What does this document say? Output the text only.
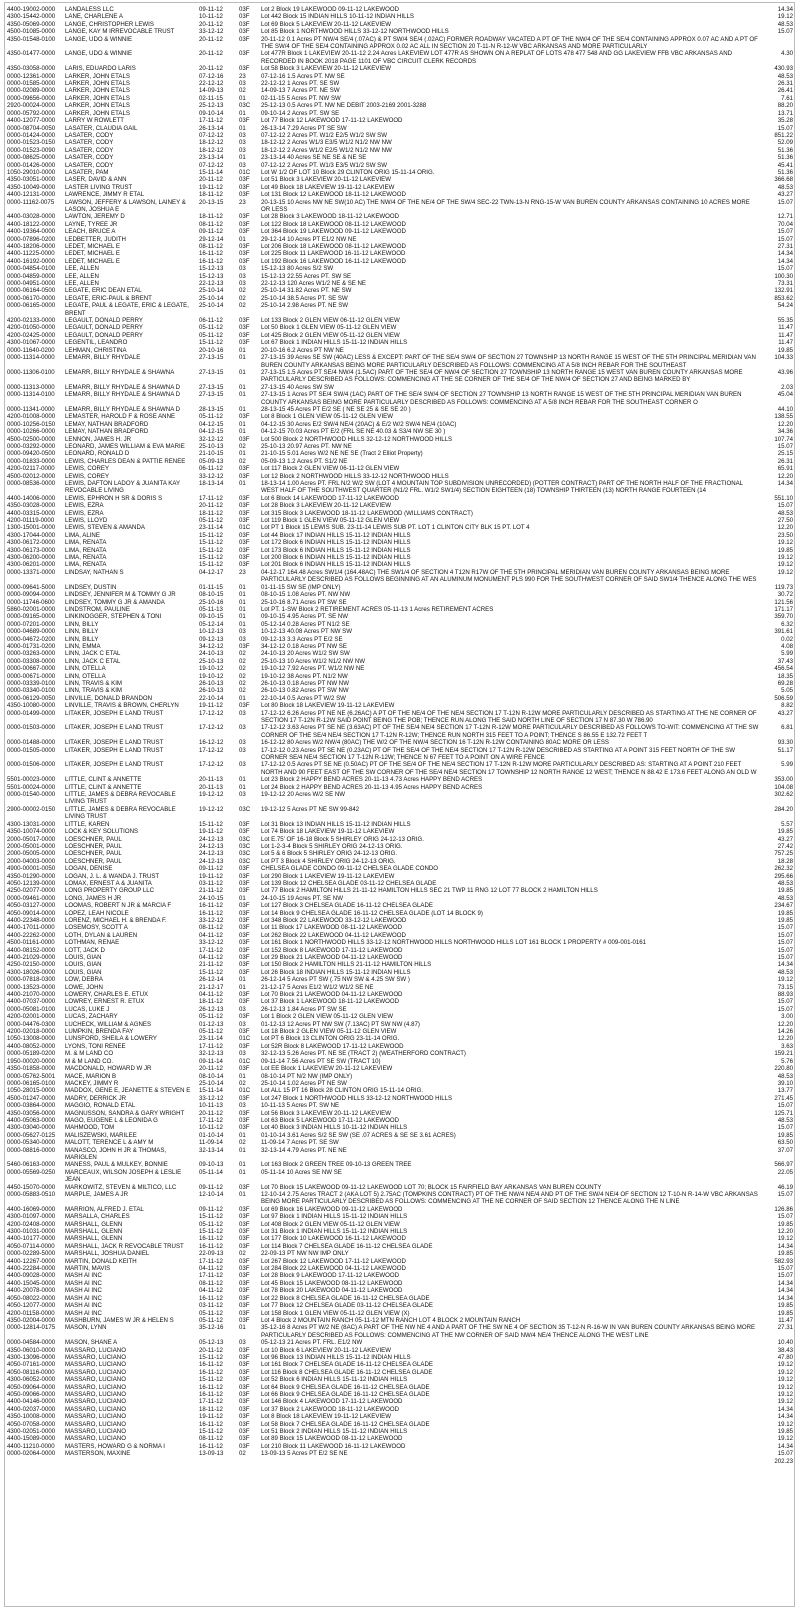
4400-19002-0000	LANDALESS LLC	09-11-12	03F	Lot 2 Block 19 LAKEWOOD 09-11-12 LAKEWOOD	14.34
4300-15442-0000	LANE, CHARLENE A	10-11-12	03F	Lot 442 Block 15 INDIAN HILLS 10-11-12 INDIAN HILLS	19.12
4350-05069-0000	LANGE, CHRISTOPHER LEWIS	20-11-12	03F	Lot 69 Block 5 LAKEVIEW 20-11-12 LAKEVIEW	48.53
4500-01085-0000	LANGE, KAY M IRREVOCABLE TRUST	33-12-12	03F	Lot 85 Block 1 NORTHWOOD HILLS 33-12-12 NORTHWOOD HILLS	15.07
4350-01548-0100	LANGE, UDO & WINNIE	20-11-12	03F	20-11-12 0.1 Acres PT NW/4 SE/4 (.07AC) & PT SW/4 SE/4 (.02AC) FORMER ROADWAY VACATED A PT OF THE NW/4 OF THE SE/4 CONTAINING APPROX 0.07 AC AND A PT OF THE SW/4 OF THE SE/4 CONTAINING APPROX 0.02 AC ALL IN SECTION 20 T-11-N R-12-W VBC ARKANSAS AND MORE PARTICULARLY	
4350-01477-0000	LANGE, UDO & WINNIE	20-11-12	03F	Lot 477R Block 1 LAKEVIEW 20-11-12 2.24 Acres LAKEVIEW LOT 477R AS SHOWN ON A REPLAT OF LOTS 478 477 548 AND GG LAKEVIEW FFB VBC ARKANSAS AND RECORDED IN BOOK 2018 PAGE 1101 OF VBC CIRCUIT CLERK RECORDS	4.30
4350-03058-0000	LARIS, EDUARDO LARIS	20-11-12	03F	Lot 58 Block 3 LAKEVIEW 20-11-12 LAKEVIEW	430.93
0000-12361-0000	LARKER, JOHN ETALS	07-12-16	23	07-12-16 1.5 Acres PT. NW SE	48.53
0000-01585-0000	LARKER, JOHN ETALS	22-12-12	03	22-12-12 1 Acres PT. SE SW	26.31
0000-02089-0000	LARKER, JOHN ETALS	14-09-13	02	14-09-13 7 Acres PT. NE SW	26.41
0000-09656-0000	LARKER, JOHN ETALS	02-11-15	01	02-11-15 5 Acres PT. NW SW	7.61
2920-00024-0000	LARKER, JOHN ETALS	25-12-13	03C	25-12-13 0.5 Acres PT. NW NE DEBIT 2003-2169 2001-3288	88.20
0000-05792-0000	LARKER, JOHN ETALS	09-10-14	01	09-10-14 2 Acres PT. SW SE	13.71
4400-12077-0000	LARRY W ROWLETT	17-11-12	03F	Lot 77 Block 12 LAKEWOOD 17-11-12 LAKEWOOD	35.28
0000-08704-0050	LASATER, CLAUDIA GAIL	26-13-14	01	26-13-14 7.29 Acres PT SE SW	15.07
0000-01424-0000	LASATER, CODY	07-12-12	03	07-12-12 2 Acres PT. W1/2 E2/5 W1/2 SW SW	851.22
0000-01523-0150	LASATER, CODY	18-12-12	03	18-12-12 2 Acres W1/3 E3/5 W1/2 N1/2 NW NW	52.09
0000-01523-0090	LASATER, CODY	18-12-12	03	18-12-12 2 Acres W1/2 E2/5 W1/2 N1/2 NW NW	51.36
0000-08625-0000	LASATER, CODY	23-13-14	01	23-13-14 40 Acres SE NE SE & NE SE	51.36
0000-01426-0000	LASATER, CODY	07-12-12	03	07-12-12 2 Acres PT. W1/3 E3/5 W1/2 SW SW	45.41
1050-29010-0000	LASATER, PAM	15-11-14	01C	Lot W 1/2 OF LOT 10 Block 29 CLINTON ORIG 15-11-14 ORIG.	51.36
4350-03051-0000	LASER, DAVID & ANN	20-11-12	03F	Lot 51 Block 3 LAKEVIEW 20-11-12 LAKEVIEW	366.68
4350-10049-0000	LASTER LIVING TRUST	19-11-12	03F	Lot 49 Block 18 LAKEVIEW 19-11-12 LAKEVIEW	48.53
4400-12131-0000	LAWRENCE, JIMMY R ETAL	18-11-12	03F	Lot 131 Block 12 LAKEWOOD 18-11-12 LAKEWOOD	43.27
0000-11162-0075	LAWSON, JEFFERY & LAWSON, LAINEY & LASON, JOSHUA E	20-13-15	23	20-13-15 10 Acres NW NE SW(10 AC) THE NW/4 OF THE NE/4 OF THE SW/4 SEC-22 TWN-13-N RNG-15-W VAN BUREN COUNTY ARKANSAS CONTAINING 10 ACRES MORE OR LESS	15.07
4400-03028-0000	LAWTON, JEREMY D	18-11-12	03F	Lot 28 Block 3 LAKEWOOD 18-11-12 LAKEWOOD	12.71
4400-18122-0000	LAYNE, TYREE JR	08-11-12	03F	Lot 122 Block 18 LAKEWOOD 08-11-12 LAKEWOOD	70.04
4400-19364-0000	LEACH, BRUCE A	09-11-12	03F	Lot 364 Block 19 LAKEWOOD 09-11-12 LAKEWOOD	15.07
0000-07896-0200	LEDBETTER, JUDITH	29-12-14	01	29-12-14 10 Acres PT E1/2 NW NE	15.07
4400-18206-0000	LEDET, MICHAEL E	08-11-12	03F	Lot 206 Block 18 LAKEWOOD 08-11-12 LAKEWOOD	27.31
4400-11225-0000	LEDET, MICHAEL E	16-11-12	03F	Lot 225 Block 11 LAKEWOOD 16-11-12 LAKEWOOD	14.34
4400-16192-0000	LEDET, MICHAEL E	16-11-12	03F	Lot 192 Block 16 LAKEWOOD 16-11-12 LAKEWOOD	14.34
0000-04854-0100	LEE, ALLEN	15-12-13	03	15-12-13 80 Acres S/2 SW	15.07
0000-04859-0000	LEE, ALLEN	15-12-13	03	15-12-13 22.55 Acres PT. SW SE	100.30
0000-04951-0000	LEE, ALLEN	22-12-13	03	22-12-13 120 Acres W1/2 NE & SE NE	73.31
0000-06164-0500	LEGATE, ERIC DEAN ETAL	25-10-14	02	25-10-14 31.82 Acres PT. NE SW	132.91
0000-06170-0000	LEGATE, ERIC-PAUL & BRENT	25-10-14	02	25-10-14 38.5 Acres PT. SE SW	853.62
0000-06165-0000	LEGATE, PAUL & LEGATE, ERIC & LEGATE, BRENT	25-10-14	02	25-10-14 2.98 Acres PT. NE SW	54.24
4200-02133-0000	LEGAULT, DONALD PERRY	06-11-12	03F	Lot 133 Block 2 GLEN VIEW 06-11-12 GLEN VIEW	55.35
4200-01050-0000	LEGAULT, DONALD PERRY	05-11-12	03F	Lot 50 Block 1 GLEN VIEW 05-11-12 GLEN VIEW	11.47
4200-02425-0000	LEGAULT, DONALD PERRY	05-11-12	03F	Lot 425 Block 2 GLEN VIEW 05-11-12 GLEN VIEW	11.47
4300-01067-0000	LEGENTIL, LEANDRO	15-11-12	03F	Lot 67 Block 1 INDIAN HILLS 15-11-12 INDIAN HILLS	11.47
0000-11640-0200	LEHMAN, CHRISTINA	20-10-16	01	20-10-16 6.2 Acres PT NW NE	19.85
0000-11314-0000	LEMARR, BILLY RHYDALE	27-13-15	01	27-13-15 39 Acres SE SW (40AC) LESS & EXCEPT: PART OF THE SE/4 SW/4 OF SECTION 27 TOWNSHIP 13 NORTH RANGE 15 WEST OF THE 5TH PRINCIPAL MERIDIAN VAN BUREN COUNTY ARKANSAS BEING MORE PARTICULARLY DESCRIBED AS FOLLOWS: COMMENCING AT A 5/8 INCH REBAR FOR THE SOUTHEAST	104.33
0000-11306-0100	LEMARR, BILLY RHYDALE & SHAWNA	27-13-15	01	27-13-15 1.5 Acres PT SE/4 NW/4 (1.5AC) PART OF THE SE/4 OF NW/4 OF SECTION 27 TOWNSHIP 13 NORTH RANGE 15 WEST VAN BUREN COUNTY ARKANSAS MORE PARTICULARLY DESCRIBED AS FOLLOWS: COMMENCING AT THE SE CORNER OF THE SE/4 OF THE NW/4 OF SECTION 27 AND BEING MARKED BY	43.96
0000-11313-0000	LEMARR, BILLY RHYDALE & SHAWNA D	27-13-15	01	27-13-15 40 Acres SW SW	2.03
0000-11314-0100	LEMARR, BILLY RHYDALE & SHAWNA D	27-13-15	01	27-13-15 1 Acres PT SE/4 SW/4 (1AC) PART OF THE SE/4 SW/4 OF SECTION 27 TOWNSHIP 13 NORTH RANGE 15 WEST OF THE 5TH PRINCIPAL MERIDIAN VAN BUREN COUNTY ARKANSAS BEING MORE PARTICULARLY DESCRIBED AS FOLLOWS: COMMENCING AT A 5/8 INCH REBAR FOR THE SOUTHEAST CORNER O	45.04
0000-11341-0000	LEMARR, BILLY RHYDALE & SHAWNA D	28-13-15	01	28-13-15 45 Acres PT E/2 SE ( NE SE 25 & SE SE 20 )	44.10
4200-01008-0000	LEMASTER, HAROLD F & ROSE ANNE	05-11-12	03F	Lot 8 Block 1 GLEN VIEW 05-11-12 GLEN VIEW	138.55
0000-10256-0150	LEMAY, NATHAN BRADFORD	04-12-15	01	04-12-15 30 Acres E/2 SW/4 NE/4 (20AC) & E/2 W/2 SW/4 NE/4 (10AC)	12.20
0000-10266-0000	LEMAY, NATHAN BRADFORD	04-12-15	01	04-12-15 70.03 Acres PT E/2 (FRL SE NE 40.03 & S3/4 NW SE 30 )	34.36
4500-02500-0000	LENNON, JAMES H. JR	32-12-12	03F	Lot 500 Block 2 NORTHWOOD HILLS 32-12-12 NORTHWOOD HILLS	107.74
0000-03292-0000	LEONARD, JAMES WILLIAM & EVA MARIE	25-10-13	02	25-10-13 20.97 Acres PT. NW NE	15.07
0000-09420-0500	LEONARD, RONALD D	21-10-15	01	21-10-15 5.01 Acres W/2 NE NE SE (Tract 2 Elliot Property)	25.15
0000-01833-0000	LEWIS, CHARLES DEAN & PATTIE RENEE	05-09-13	02	05-09-13 1.2 Acres PT. S1/2 NE	26.31
4200-02117-0000	LEWIS, COREY	06-11-12	03F	Lot 117 Block 2 GLEN VIEW 06-11-12 GLEN VIEW	65.91
4500-02012-0000	LEWIS, COREY	33-12-12	03F	Lot 12 Block 2 NORTHWOOD HILLS 33-12-12 NORTHWOOD HILLS	12.20
0000-08536-0000	LEWIS, DAFTON LADOY & JUANITA KAY REVOCABLE LIVING	18-13-14	01	18-13-14 1.00 Acres PT. FRL N/2 W/2 SW (LOT 4 MOUNTAIN TOP SUBDIVISION UNRECORDED) (POTTER CONTRACT) PART OF THE NORTH HALF OF THE FRACTIONAL WEST HALF OF THE SOUTHWEST QUARTER (N1/2 FRL. W1/2 SW1/4) SECTION EIGHTEEN (18) TOWNSHIP THIRTEEN (13) NORTH RANGE FOURTEEN (14	14.34
4400-14006-0000	LEWIS, EPHRON H SR & DORIS S	17-11-12	03F	Lot 6 Block 14 LAKEWOOD 17-11-12 LAKEWOOD	551.10
4350-03028-0000	LEWIS, EZRA	20-11-12	03F	Lot 28 Block 3 LAKEVIEW 20-11-12 LAKEVIEW	15.07
4400-03315-0000	LEWIS, EZRA	18-11-12	03F	Lot 315 Block 3 LAKEWOOD 18-11-12 LAKEWOOD (WILLIAMS CONTRACT)	48.53
4200-01119-0000	LEWIS, LLOYD	05-11-12	03F	Lot 119 Block 1 GLEN VIEW 05-11-12 GLEN VIEW	27.50
1300-15001-0000	LEWIS, STEVEN & AMANDA	23-11-14	01C	Lot PT 1 Block 15 LEWIS SUB. 23-11-14 LEWIS SUB PT. LOT 1 CLINTON CITY BLK 15 PT. LOT 4	12.20
4300-17044-0000	LIMA, ALINE	15-11-12	03F	Lot 44 Block 17 INDIAN HILLS 15-11-12 INDIAN HILLS	23.50
4300-06172-0000	LIMA, RENATA	15-11-12	03F	Lot 172 Block 6 INDIAN HILLS 15-11-12 INDIAN HILLS	19.12
4300-06173-0000	LIMA, RENATA	15-11-12	03F	Lot 173 Block 6 INDIAN HILLS 15-11-12 INDIAN HILLS	19.85
4300-06200-0000	LIMA, RENATA	15-11-12	03F	Lot 200 Block 6 INDIAN HILLS 15-11-12 INDIAN HILLS	19.12
4300-06201-0000	LIMA, RENATA	15-11-12	03F	Lot 201 Block 6 INDIAN HILLS 15-11-12 INDIAN HILLS	19.12
0000-13371-0000	LINDSAY, NATHAN S	04-12-17	23	04-12-17 164.48 Acres SW1/4 (164.48AC) THE SW1/4 OF SECTION 4 T12N R17W OF THE 5TH PRINCIPAL MERIDIAN VAN BUREN COUNTY ARKANSAS BEING MORE PARTICULARLY DESCRIBED AS FOLLOWS BEGINNING AT AN ALUMINUM MONUMENT PLS 990 FOR THE SOUTHWEST CORNER OF SAID SW1/4 THENCE ALONG THE WES	19.12
0000-09641-5000	LINDSEY, DUSTIN	01-11-15	01	01-11-15 SW SE (IMP ONLY)	119.73
0000-09094-0000	LINDSEY, JENNIFER M & TOMMY G JR	08-10-15	01	08-10-15 1.08 Acres PT. NW NW	30.72
0000-11746-0600	LINDSEY, TOMMY G JR & AMANDA	25-10-16	01	25-10-16 8.71 Acres PT SW SE	121.56
5860-02001-0000	LINDSTROM, PAULINE	05-11-13	01	Lot PT. 1-SW Block 2 RETIREMENT ACRES 05-11-13 1 Acres RETIREMENT ACRES	171.17
0000-09165-0000	LINKINOGGER, STEPHEN & TONI	09-10-15	01	09-10-15 4.95 Acres PT. SE NW	359.70
0000-07201-0000	LINN, BILLY	05-12-14	01	05-12-14 0.28 Acres PT N1/2 SE	6.32
0000-04689-0000	LINN, BILLY	10-12-13	03	10-12-13 40.08 Acres PT NW SW	391.61
0000-04672-0200	LINN, BILLY	09-12-13	03	09-12-13 3.3 Acres PT E/2 SE	0.02
4000-01731-0200	LINN, EMMA	34-12-12	03F	34-12-12 0.18 Acres PT NW SE	4.08
0000-03263-0000	LINN, JACK C ETAL	24-10-13	02	24-10-13 20 Acres W1/2 SW SW	5.99
0000-03308-0000	LINN, JACK C ETAL	25-10-13	02	25-10-13 10 Acres W1/2 N1/2 NW NW	37.43
0000-00667-0000	LINN, OTELLA	19-10-12	02	19-10-12 7.92 Acres PT. W1/2 NW NE	456.54
0000-00671-0000	LINN, OTELLA	19-10-12	02	19-10-12 38 Acres PT. N1/2 NW	18.35
0000-03339-0100	LINN, TRAVIS & KIM	26-10-13	02	26-10-13 0.18 Acres PT NW NW	69.28
0000-03340-0100	LINN, TRAVIS & KIM	26-10-13	02	26-10-13 0.82 Acres PT SW NW	5.05
0000-06129-0050	LINVILLE, DONALD BRANDON	22-10-14	01	22-10-14 0.5 Acres PT W/2 SW	506.59
4350-10080-0000	LINVILLE, TRAVIS & BROWN, CHERLYN	19-11-12	03F	Lot 80 Block 18 LAKEVIEW 19-11-12 LAKEVIEW	8.82
0000-01499-0000	LITAKER, JOSEPH E LAND TRUST	17-12-12	03	17-12-12 6.26 Acres PT NE NE (6.26AC) A PT OF THE NE/4 OF THE NE/4 SECTION 17 T-12N R-12W MORE PARTICULARLY DESCRIBED AS STARTING AT THE NE CORNER OF SECTION 17 T-12N R-12W SAID POINT BEING THE POB; THENCE RUN ALONG THE SAID NORTH LINE OF SECTION 17 N 87.30 W 786.90	43.27
0000-01503-0000	LITAKER, JOSEPH E LAND TRUST	17-12-12	03	17-12-12 3.63 Acres PT SE NE (3.63AC) PT OF THE SE/4 NE/4 SECTION 17 T-12N R-12W MORE PARTICULARLY DESCRIBED AS FOLLOWS TO-WIT: COMMENCING AT THE SW CORNER OF THE SE/4 NE/4 SECTION 17 T-12N R-12W; THENCE RUN NORTH 315 FEET TO A POINT; THENCE S 86.55 E 132.72 FEET T	6.81
0000-01488-0000	LITAKER, JOSEPH E LAND TRUST	16-12-12	03	16-12-12 80 Acres W/2 NW/4 (80AC) THE W/2 OF THE NW/4 SECTION 16 T-12N R-12W CONTAINING 80AC MORE OR LESS	93.30
0000-01505-0000	LITAKER, JOSEPH E LAND TRUST	17-12-12	03	17-12-12 0.23 Acres PT SE NE (0.23AC) PT OF THE SE/4 OF THE NE/4 SECTION 17 T-12N R-12W DESCRIBED AS STARTING AT A POINT 315 FEET NORTH OF THE SW CORNER SE/4 NE/4 SECTION 17 T-12N R-12W; THENCE N 67 FEET TO A POINT ON A WIRE FENCE	51.17
0000-01506-0000	LITAKER, JOSEPH E LAND TRUST	17-12-12	03	17-12-12 0.5 Acres PT SE NE (0.50AC) PT OF THE SE/4 OF THE NE/4 SECTION 17 T-12N R-12W MORE PARTICULARLY DESCRIBED AS: STARTING AT A POINT 210 FEET NORTH AND 90 FEET EAST OF THE SW CORNER OF THE SE/4 NE/4 SECTION 17 TOWNSHIP 12 NORTH RANGE 12 WEST; THENCE N 88.42 E 173.6 FEET ALONG AN OLD W	5.99
5501-00023-0000	LITTLE, CLINT & ANNETTE	20-11-13	01	Lot 23 Block 2 HAPPY BEND ACRES 20-11-13 4.73 Acres HAPPY BEND ACRES	353.00
5501-00024-0000	LITTLE, CLINT & ANNETTE	20-11-13	01	Lot 24 Block 2 HAPPY BEND ACRES 20-11-13 4.95 Acres HAPPY BEND ACRES	104.08
0000-01540-0000	LITTLE, JAMES & DEBRA REVOCABLE LIVING TRUST	19-12-12	03	19-12-12 20 Acres W/2 SE NW	302.62
2900-00002-0150	LITTLE, JAMES & DEBRA REVOCABLE LIVING TRUST	19-12-12	03C	19-12-12 5 Acres PT NE SW 99-842	284.20
4300-13031-0000	LITTLE, KAREN	15-11-12	03F	Lot 31 Block 13 INDIAN HILLS 15-11-12 INDIAN HILLS	5.57
4350-10074-0000	LOCK & KEY SOLUTIONS	19-11-12	03F	Lot 74 Block 18 LAKEVIEW 19-11-12 LAKEVIEW	19.85
2000-05017-0000	LOESCHNER, PAUL	24-12-13	03C	Lot E.75' OF 16-18 Block 5 SHIRLEY ORIG 24-12-13 ORIG.	43.27
2000-05001-0000	LOESCHNER, PAUL	24-12-13	03C	Lot 1-2-3-4 Block 5 SHIRLEY ORIG 24-12-13 ORIG.	27.42
2000-05005-0000	LOESCHNER, PAUL	24-12-13	03C	Lot 5 & 6 Block 5 SHIRLEY ORIG 24-12-13 ORIG.	757.25
2000-04003-0000	LOESCHNER, PAUL	24-12-13	03C	Lot PT 3 Block 4 SHIRLEY ORIG 24-12-13 ORIG.	18.28
4900-00001-0050	LOGAN, DENISE	09-11-12	03F	CHELSEA GLADE CONDO 09-11-12 CHELSEA GLADE CONDO	262.32
4350-01290-0000	LOGAN, J. L. & WANDA J. TRUST	19-11-12	03F	Lot 290 Block 1 LAKEVIEW 19-11-12 LAKEVIEW	295.66
4050-12139-0000	LOMAX, ERNEST A & JUANITA	03-11-12	03F	Lot 139 Block 12 CHELSEA GLADE 03-11-12 CHELSEA GLADE	48.53
4250-02077-0000	LONG PROPERTY GROUP LLC	21-11-12	03F	Lot 77 Block 2 HAMILTON HILLS 21-11-12 HAMILTON HILLS SEC 21 TWP 11 RNG 12 LOT 77 BLOCK 2 HAMILTON HILLS	19.85
0000-09461-0000	LONG, JAMES H JR	24-10-15	01	24-10-15 19 Acres PT. SE NW	48.53
4050-03127-0000	LOOMAS, ROBERT N JR & MARCIA F	16-11-12	03F	Lot 127 Block 3 CHELSEA GLADE 16-11-12 CHELSEA GLADE	234.67
4050-09014-0000	LOPEZ, LEAH NICOLE	16-11-12	03F	Lot 14 Block 9 CHELSEA GLADE 16-11-12 CHELSEA GLADE (LOT 14 BLOCK 9)	19.85
4400-22348-0000	LORENZ, MICHAEL H. & BRENDA F.	33-12-12	03F	Lot 348 Block 22 LAKEWOOD 33-12-12 LAKEWOOD	19.85
4400-17011-0000	LOSEMOSY, SCOTT A	08-11-12	03F	Lot 11 Block 17 LAKEWOOD 08-11-12 LAKEWOOD	15.07
4400-22262-0000	LOTH, DYLAN & LAUREN	04-11-12	03F	Lot 262 Block 22 LAKEWOOD 04-11-12 LAKEWOOD	15.07
4500-01161-0000	LOTHMAN, RENAE	33-12-12	03F	Lot 161 Block 1 NORTHWOOD HILLS 33-12-12 NORTHWOOD HILLS NORTHWOOD HILLS LOT 161 BLOCK 1 PROPERTY # 009-001-0161	15.07
4400-08152-0000	LOTT, JACK D	17-11-12	03F	Lot 152 Block 8 LAKEWOOD 17-11-12 LAKEWOOD	15.07
4400-21029-0000	LOUIS, GIAN	04-11-12	03F	Lot 29 Block 21 LAKEWOOD 04-11-12 LAKEWOOD	15.07
4250-02150-0000	LOUIS, GIAN	21-11-12	03F	Lot 150 Block 2 HAMILTON HILLS 21-11-12 HAMILTON HILLS	14.34
4300-18026-0000	LOUIS, GIAN	15-11-12	03F	Lot 26 Block 18 INDIAN HILLS 15-11-12 INDIAN HILLS	48.53
0000-07818-0300	LOW, DEBRA	26-12-14	01	26-12-14 5 Acres PT SW (.75 NW SW & 4.25 SW SW )	19.12
0000-13523-0000	LOWE, JOHN	21-12-17	01	21-12-17 5 Acres E1/2 W1/2 W1/2 SE NE	73.15
4400-21070-0000	LOWERY, CHARLES E. ETUX	04-11-12	03F	Lot 70 Block 21 LAKEWOOD 04-11-12 LAKEWOOD	88.93
4400-07037-0000	LOWREY, ERNEST R. ETUX	18-11-12	03F	Lot 37 Block 1 LAKEWOOD 18-11-12 LAKEWOOD	15.07
0000-05081-0100	LUCAS, LUKE J	26-12-13	03	26-12-13 1.84 Acres PT SW SE	15.07
4200-02001-0000	LUCAS, ZACHARY	05-11-12	03F	Lot 1 Block 2 GLEN VIEW 05-11-12 GLEN VIEW	3.00
0000-04476-0300	LUCHECK, WILLIAM & AGNES	01-12-13	03	01-12-13 12 Acres PT NW SW (7.13AC) PT SW NW (4.87)	12.20
4200-02018-0000	LUMPKIN, BRENDA FAY	05-11-12	03F	Lot 18 Block 2 GLEN VIEW 05-11-12 GLEN VIEW	14.26
1050-13008-0000	LUNSFORD, SHEILA & LOWERY	23-11-14	01C	Lot PT 6 Block 13 CLINTON ORIG 23-11-14 ORIG.	12.20
4400-08052-0000	LYONS, TONI RENEE	17-11-12	03F	Lot 52R Block 8 LAKEWOOD 17-11-12 LAKEWOOD	3.63
0000-05189-0200	M. & M LAND CO	32-12-13	03	32-12-13 5.26 Acres PT. NE SE (TRACT 2) (WEATHERFORD CONTRACT)	159.21
1950-00020-0000	M & M LAND CO.	09-11-14	01C	09-11-14 7.56 Acres PT SE SW (TRACT 10)	5.76
4350-01858-0000	MACDONALD, HOWARD W JR	20-11-12	03F	Lot EE Block 1 LAKEVIEW 20-11-12 LAKEVIEW	220.80
0000-05762-5001	MACE, MARION B	08-10-14	01	08-10-14 PT N/2 NW (IMP ONLY)	48.53
0000-06165-0100	MACKEY, JIMMY R	25-10-14	02	25-10-14 1.02 Acres PT NE SW	39.10
1050-28015-0000	MADDOX, GENE E, JEANETTE & STEVEN E	15-11-14	01C	Lot ALL 15 PT 16 Block 28 CLINTON ORIG 15-11-14 ORIG.	13.77
4500-01247-0000	MADRY, DERRICK JR	33-12-12	03F	Lot 247 Block 1 NORTHWOOD HILLS 33-12-12 NORTHWOOD HILLS	271.45
0000-03864-0000	MAGGIO, RONALD ETAL	10-11-13	03	10-11-13 5 Acres PT. SW NE	15.07
4350-03056-0000	MAGNUSSON, SANDRA & GARY WRIGHT	20-11-12	03F	Lot 56 Block 3 LAKEVIEW 20-11-12 LAKEVIEW	125.71
4400-05063-0000	MAGO, EUGENE L & LEONIDA G	17-11-12	03F	Lot 63 Block 5 LAKEWOOD 17-11-12 LAKEWOOD	48.53
4300-03040-0000	MAHMOOD, TOM	10-11-12	03F	Lot 40 Block 3 INDIAN HILLS 10-11-12 INDIAN HILLS	15.07
0000-05627-0125	MALISZEWSKI, MARILEE	01-10-14	01	01-10-14 3.61 Acres S/2 SE SW (SE .07 ACRES & SE SE 3.61 ACRES)	19.85
0000-05340-0000	MALOTT, TERENCE L & AMY M	11-09-14	02	11-09-14 7 Acres PT. SE SW	63.50
0000-08816-0000	MANASCO, JOHN H JR & THOMAS, MARIGLEN	32-13-14	01	32-13-14 4.79 Acres PT. NE NE	37.07
5460-06163-0000	MANESS, PAUL & MULKEY, BONNIE	09-10-13	01	Lot 163 Block 2 GREEN TREE 09-10-13 GREEN TREE	566.97
0000-05569-0250	MARCEAUX, WILSON JOSEPH & LESLIE JEAN	05-11-14	01	05-11-14 10 Acres SE NW SE	22.05
4450-15070-0000	MARKOWITZ, STEVEN & MILTICO, LLC	09-11-12	03F	Lot 70 Block 15 LAKEWOOD 09-11-12 LAKEWOOD LOT 70; BLOCK 15 FAIRFIELD BAY ARKANSAS VAN BUREN COUNTY	46.19
0000-05883-0510	MARPLE, JAMES A JR	12-10-14	01	12-10-14 2.75 Acres TRACT 2 (AKA LOT 5) 2.75AC (TOMPKINS CONTRACT) PT OF THE NW/4 NE/4 AND PT OF THE SW/4 NE/4 OF SECTION 12 T-10-N R-14-W VBC ARKANSAS BEING MORE PARTICULARLY DESCRIBED AS FOLLOWS: COMMENCING AT THE NE CORNER OF SAID SECTION 12 THENCE ALONG THE N LINE	15.07
4400-16069-0000	MARRION, ALFRED J. ETAL	09-11-12	03F	Lot 69 Block 16 LAKEWOOD 09-11-12 LAKEWOOD	126.86
4300-01097-0000	MARSALLA, CHARLES	15-11-12	03F	Lot 97 Block 1 INDIAN HILLS 15-11-12 INDIAN HILLS	15.07
4200-02408-0000	MARSHALL, GLENN	05-11-12	03F	Lot 408 Block 2 GLEN VIEW 05-11-12 GLEN VIEW	19.85
4300-01031-0000	MARSHALL, GLENN	15-11-12	03F	Lot 31 Block 1 INDIAN HILLS 15-11-12 INDIAN HILLS	12.20
4400-10177-0000	MARSHALL, GLENN	16-11-12	03F	Lot 177 Block 10 LAKEWOOD 16-11-12 LAKEWOOD	19.12
4050-07114-0000	MARSHALL, JACK R REVOCABLE TRUST	16-11-12	03F	Lot 114 Block 7 CHELSEA GLADE 16-11-12 CHELSEA GLADE	14.34
0000-02289-5000	MARSHALL, JOSHUA DANIEL	22-09-13	02	22-09-13 PT NW NW IMP ONLY	19.85
4400-12267-0000	MARTIN, DONALD KEITH	17-11-12	03F	Lot 267 Block 12 LAKEWOOD 17-11-12 LAKEWOOD	582.93
4400-22284-0000	MARTIN, MAVIS	04-11-12	03F	Lot 284 Block 22 LAKEWOOD 04-11-12 LAKEWOOD	15.07
4400-09028-0000	MASH AI INC	17-11-12	03F	Lot 28 Block 9 LAKEWOOD 17-11-12 LAKEWOOD	15.07
4400-15045-0000	MASH AI INC	08-11-12	03F	Lot 45 Block 15 LAKEWOOD 08-11-12 LAKEWOOD	14.34
4400-20078-0000	MASH AI INC	04-11-12	03F	Lot 78 Block 20 LAKEWOOD 04-11-12 LAKEWOOD	14.34
4050-08022-0000	MASH AI INC	16-11-12	03F	Lot 22 Block 8 CHELSEA GLADE 16-11-12 CHELSEA GLADE	14.34
4050-12077-0000	MASH AI INC	03-11-12	03F	Lot 77 Block 12 CHELSEA GLADE 03-11-12 CHELSEA GLADE	19.85
4200-01158-0000	MASH AI INC	05-11-12	03F	Lot 158 Block 1 GLEN VIEW 05-11-12 GLEN VIEW (X)	19.85
4350-02004-0000	MASHBURN, JAMES W JR & HELEN S	05-11-12	03F	Lot 4 Block 2 MOUNTAIN RANCH 05-11-12 MTN RANCH LOT 4 BLOCK 2 MOUNTAIN RANCH	11.47
0000-12814-0175	MASON, LYNN	35-12-16	01	35-12-16 8 Acres PT W/2 NE (8AC) A PART OF THE NW NE 4 AND A PART OF THE SW NE 4 OF SECTION 35 T-12-N R-16-W IN VAN BUREN COUNTY ARKANSAS BEING MORE PARTICULARLY DESCRIBED AS FOLLOWS: COMMENCING AT THE NW CORNER OF SAID NW/4 NE/4 THENCE ALONG THE WEST LINE	27.31
0000-04584-0000	MASON, SHANE A	05-12-13	03	05-12-13 21 Acres PT. FRL. E1/2 NW	10.40
4350-06010-0000	MASSARO, LUCIANO	20-11-12	03F	Lot 10 Block 6 LAKEVIEW 20-11-12 LAKEVIEW	38.43
4300-13096-0000	MASSARO, LUCIANO	15-11-12	03F	Lot 96 Block 13 INDIAN HILLS 15-11-12 INDIAN HILLS	47.80
4050-07161-0000	MASSARO, LUCIANO	16-11-12	03F	Lot 161 Block 7 CHELSEA GLADE 16-11-12 CHELSEA GLADE	19.12
4050-08116-0000	MASSARO, LUCIANO	16-11-12	03F	Lot 116 Block 8 CHELSEA GLADE 16-11-12 CHELSEA GLADE	19.12
4300-06052-0000	MASSARO, LUCIANO	15-11-12	03F	Lot 52 Block 6 INDIAN HILLS 15-11-12 INDIAN HILLS	19.12
4050-09064-0000	MASSARO, LUCIANO	16-11-12	03F	Lot 64 Block 9 CHELSEA GLADE 16-11-12 CHELSEA GLADE	19.12
4050-09066-0000	MASSARO, LUCIANO	16-11-12	03F	Lot 66 Block 9 CHELSEA GLADE 16-11-12 CHELSEA GLADE	19.12
4400-04146-0000	MASSARO, LUCIANO	17-11-12	03F	Lot 146 Block 4 LAKEWOOD 17-11-12 LAKEWOOD	19.12
4400-02037-0000	MASSARO, LUCIANO	18-11-12	03F	Lot 37 Block 2 LAKEWOOD 18-11-12 LAKEWOOD	14.34
4350-10008-0000	MASSARO, LUCIANO	19-11-12	03F	Lot 8 Block 18 LAKEVIEW 19-11-12 LAKEVIEW	14.34
4050-07058-0000	MASSARO, LUCIANO	16-11-12	03F	Lot 58 Block 7 CHELSEA GLADE 16-11-12 CHELSEA GLADE	19.12
4300-02051-0000	MASSARO, LUCIANO	15-11-12	03F	Lot 51 Block 2 INDIAN HILLS 15-11-12 INDIAN HILLS	19.85
4400-15089-0000	MASSARO, LUCIANO	08-11-12	03F	Lot 89 Block 15 LAKEWOOD 08-11-12 LAKEWOOD	19.12
4400-11210-0000	MASTERS, HOWARD G & NORMA I	16-11-12	03F	Lot 210 Block 11 LAKEWOOD 16-11-12 LAKEWOOD	14.34
0000-02064-0000	MASTERSON, MAXINE	13-09-13	02	13-09-13 5 Acres PT E/2 SE NE	15.07
					202.23
